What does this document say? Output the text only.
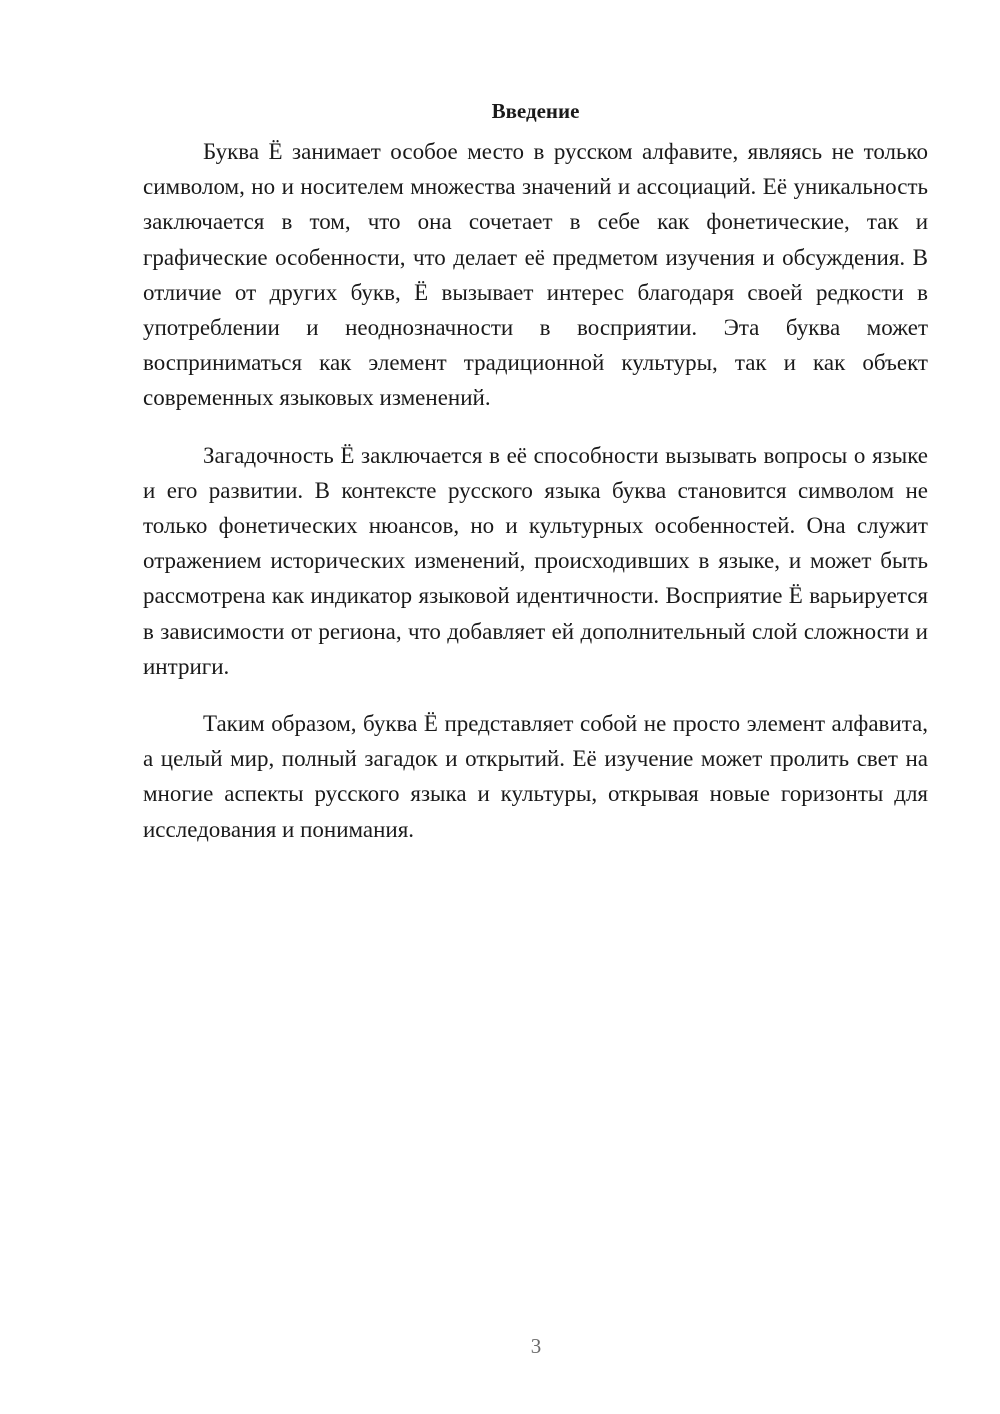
Введение

Буква Ё занимает особое место в русском алфавите, являясь не только символом, но и носителем множества значений и ассоциаций. Её уникальность заключается в том, что она сочетает в себе как фонетические, так и графические особенности, что делает её предметом изучения и обсуждения. В отличие от других букв, Ё вызывает интерес благодаря своей редкости в употреблении и неоднозначности в восприятии. Эта буква может восприниматься как элемент традиционной культуры, так и как объект современных языковых изменений.

Загадочность Ё заключается в её способности вызывать вопросы о языке и его развитии. В контексте русского языка буква становится символом не только фонетических нюансов, но и культурных особенностей. Она служит отражением исторических изменений, происходивших в языке, и может быть рассмотрена как индикатор языковой идентичности. Восприятие Ё варьируется в зависимости от региона, что добавляет ей дополнительный слой сложности и интриги.

Таким образом, буква Ё представляет собой не просто элемент алфавита, а целый мир, полный загадок и открытий. Её изучение может пролить свет на многие аспекты русского языка и культуры, открывая новые горизонты для исследования и понимания.

3
